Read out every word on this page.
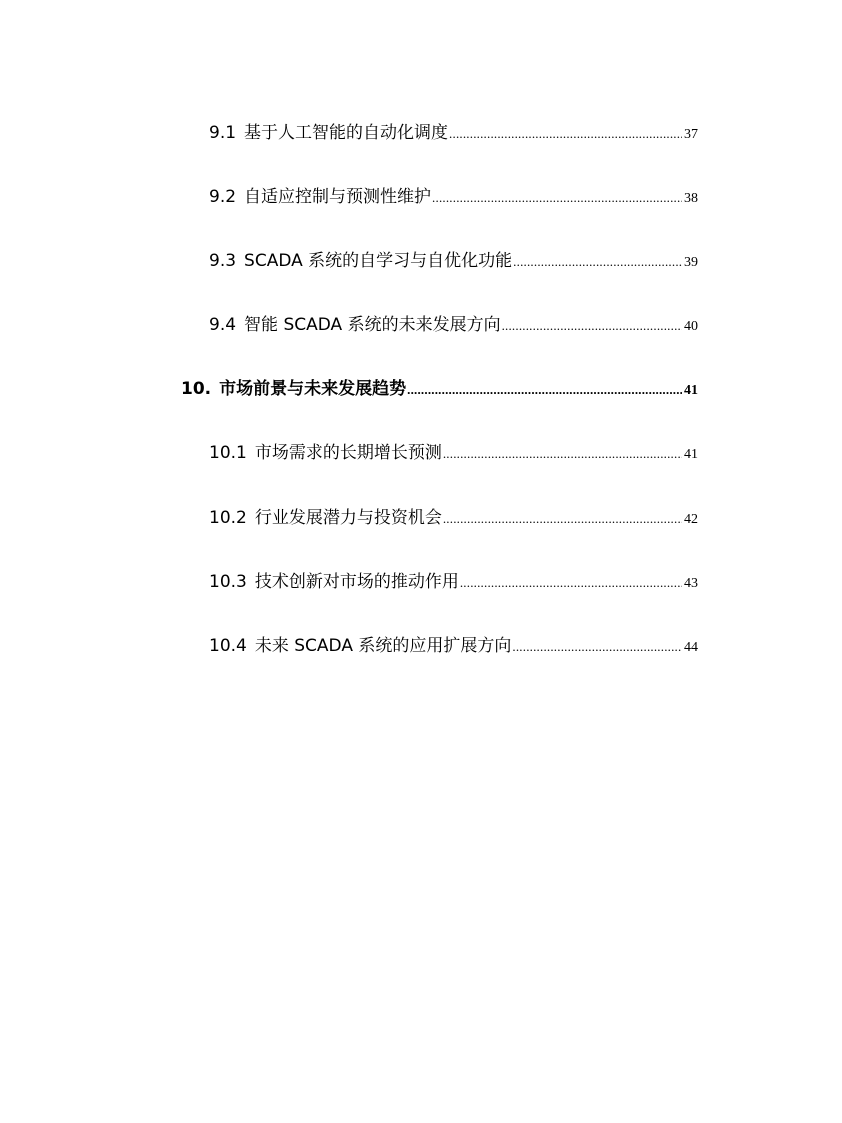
9.1 基于人工智能的自动化调度 .....	37
9.2 自适应控制与预测性维护 .....	38
9.3 SCADA 系统的自学习与自优化功能 .....	39
9.4 智能 SCADA 系统的未来发展方向 .....	40
10. 市场前景与未来发展趋势 .....	41
10.1 市场需求的长期增长预测 .....	41
10.2 行业发展潜力与投资机会 .....	42
10.3 技术创新对市场的推动作用 .....	43
10.4 未来 SCADA 系统的应用扩展方向 .....	44
